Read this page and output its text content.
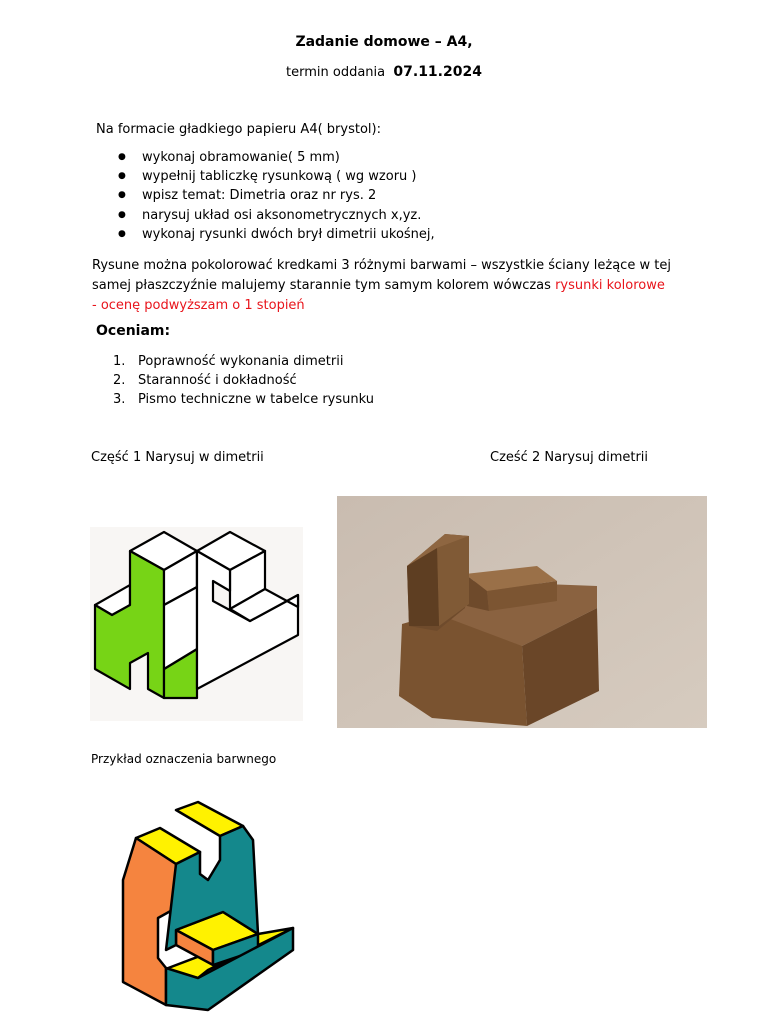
Zadanie domowe – A4,
termin oddania 07.11.2024
Na formacie gładkiego papieru A4( brystol):
● wykonaj obramowanie( 5 mm)
● wypełnij tabliczkę rysunkową ( wg wzoru )
● wpisz temat: Dimetria oraz nr rys. 2
● narysuj układ osi aksonometrycznych x,yz.
● wykonaj rysunki dwóch brył dimetrii ukośnej,
Rysune można pokolorować kredkami 3 różnymi barwami – wszystkie ściany leżące w tej samej płaszczyźnie malujemy starannie tym samym kolorem wówczas rysunki kolorowe - ocenę podwyższam o 1 stopień
Oceniam:
1. Poprawność wykonania dimetrii
2. Staranność i dokładność
3. Pismo techniczne w tabelce rysunku
Część 1 Narysuj w dimetrii	Cześć 2 Narysuj dimetrii
Przykład oznaczenia barwnego
